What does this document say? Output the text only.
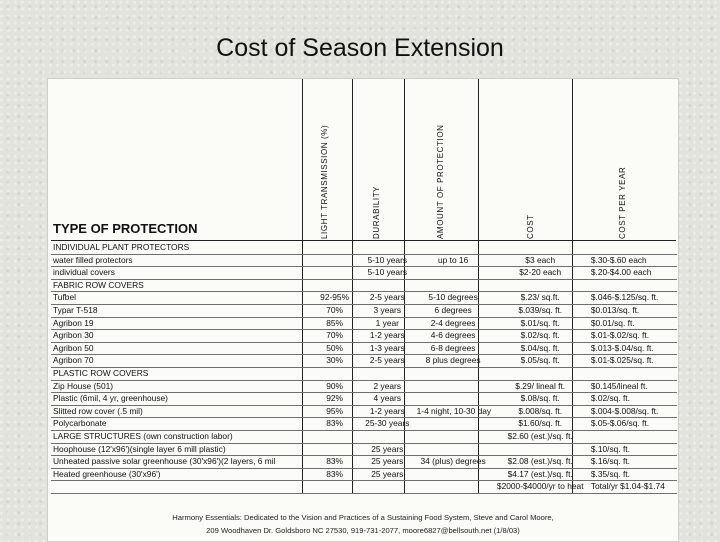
Cost of Season Extension
LIGHT TRANSMISSION (%)	DURABILITY	AMOUNT OF PROTECTION	COST	COST PER YEAR
TYPE OF PROTECTION
INDIVIDUAL PLANT PROTECTORS					
water filled protectors		5-10 years	up to 16	$3 each	$.30-$.60 each
individual covers		5-10 years		$2-20 each	$.20-$4.00 each
FABRIC ROW COVERS					
Tufbel	92-95%	2-5 years	5-10 degrees	$.23/ sq.ft.	$.046-$.125/sq. ft.
Typar T-518	70%	3 years	6 degrees	$.039/sq. ft.	$0.013/sq. ft.
Agribon 19	85%	1 year	2-4 degrees	$.01/sq. ft.	$0.01/sq. ft.
Agribon 30	70%	1-2 years	4-6 degrees	$.02/sq. ft.	$.01-$.02/sq. ft.
Agribon 50	50%	1-3 years	6-8 degrees	$.04/sq. ft.	$.013-$.04/sq. ft.
Agribon 70	30%	2-5 years	8 plus degrees	$.05/sq. ft.	$.01-$.025/sq. ft.
PLASTIC ROW COVERS					
Zip House (501)	90%	2 years		$.29/ lineal ft.	$0.145/lineal ft.
Plastic (6mil, 4 yr, greenhouse)	92%	4 years		$.08/sq. ft.	$.02/sq. ft.
Slitted row cover (.5 mil)	95%	1-2 years	1-4 night, 10-30 day	$.008/sq. ft.	$.004-$.008/sq. ft.
Polycarbonate	83%	25-30 years		$1.60/sq. ft.	$.05-$.06/sq. ft.
LARGE STRUCTURES (own construction labor)				$2.60 (est.)/sq. ft.	
Hoophouse (12'x96')(single layer 6 mill plastic)		25 years			$.10/sq. ft.
Unheated passive solar greenhouse (30'x96')(2 layers, 6 mil	83%	25 years	34 (plus) degrees	$2.08 (est.)/sq. ft.	$.16/sq. ft.
Heated greenhouse (30'x96')	83%	25 years		$4.17 (est.)/sq. ft.	$.35/sq. ft.
				$2000-$4000/yr to heat	Total/yr $1.04-$1.74
Harmony Essentials: Dedicated to the Vision and Practices of a Sustaining Food System, Steve and Carol Moore,
209 Woodhaven Dr. Goldsboro NC 27530, 919-731-2077, moore6827@bellsouth.net (1/8/03)
